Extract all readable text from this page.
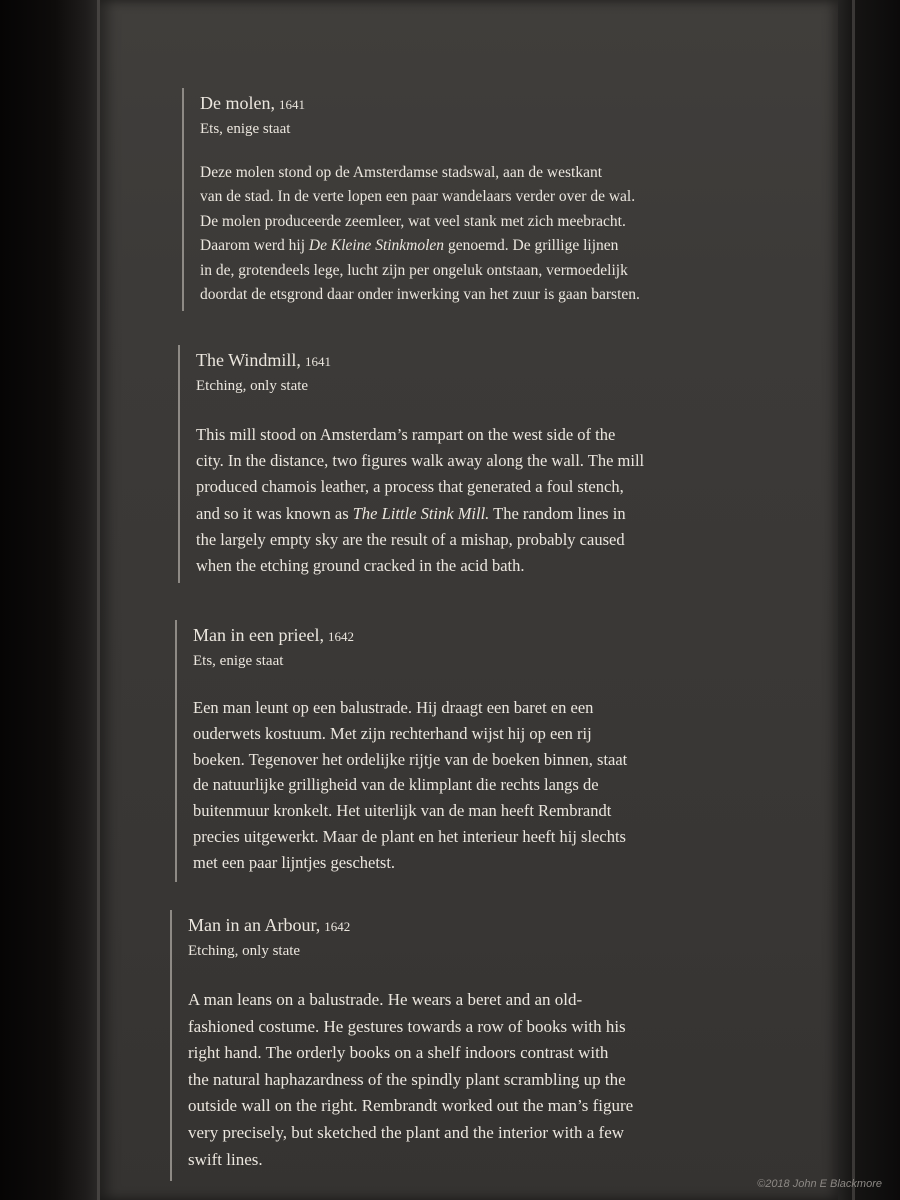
De molen, 1641
Ets, enige staat
Deze molen stond op de Amsterdamse stadswal, aan de westkant
van de stad. In de verte lopen een paar wandelaars verder over de wal.
De molen produceerde zeemleer, wat veel stank met zich meebracht.
Daarom werd hij De Kleine Stinkmolen genoemd. De grillige lijnen
in de, grotendeels lege, lucht zijn per ongeluk ontstaan, vermoedelijk
doordat de etsgrond daar onder inwerking van het zuur is gaan barsten.
The Windmill, 1641
Etching, only state
This mill stood on Amsterdam’s rampart on the west side of the
city. In the distance, two figures walk away along the wall. The mill
produced chamois leather, a process that generated a foul stench,
and so it was known as The Little Stink Mill. The random lines in
the largely empty sky are the result of a mishap, probably caused
when the etching ground cracked in the acid bath.
Man in een prieel, 1642
Ets, enige staat
Een man leunt op een balustrade. Hij draagt een baret en een
ouderwets kostuum. Met zijn rechterhand wijst hij op een rij
boeken. Tegenover het ordelijke rijtje van de boeken binnen, staat
de natuurlijke grilligheid van de klimplant die rechts langs de
buitenmuur kronkelt. Het uiterlijk van de man heeft Rembrandt
precies uitgewerkt. Maar de plant en het interieur heeft hij slechts
met een paar lijntjes geschetst.
Man in an Arbour, 1642
Etching, only state
A man leans on a balustrade. He wears a beret and an old-
fashioned costume. He gestures towards a row of books with his
right hand. The orderly books on a shelf indoors contrast with
the natural haphazardness of the spindly plant scrambling up the
outside wall on the right. Rembrandt worked out the man’s figure
very precisely, but sketched the plant and the interior with a few
swift lines.
©2018 John E Blackmore
